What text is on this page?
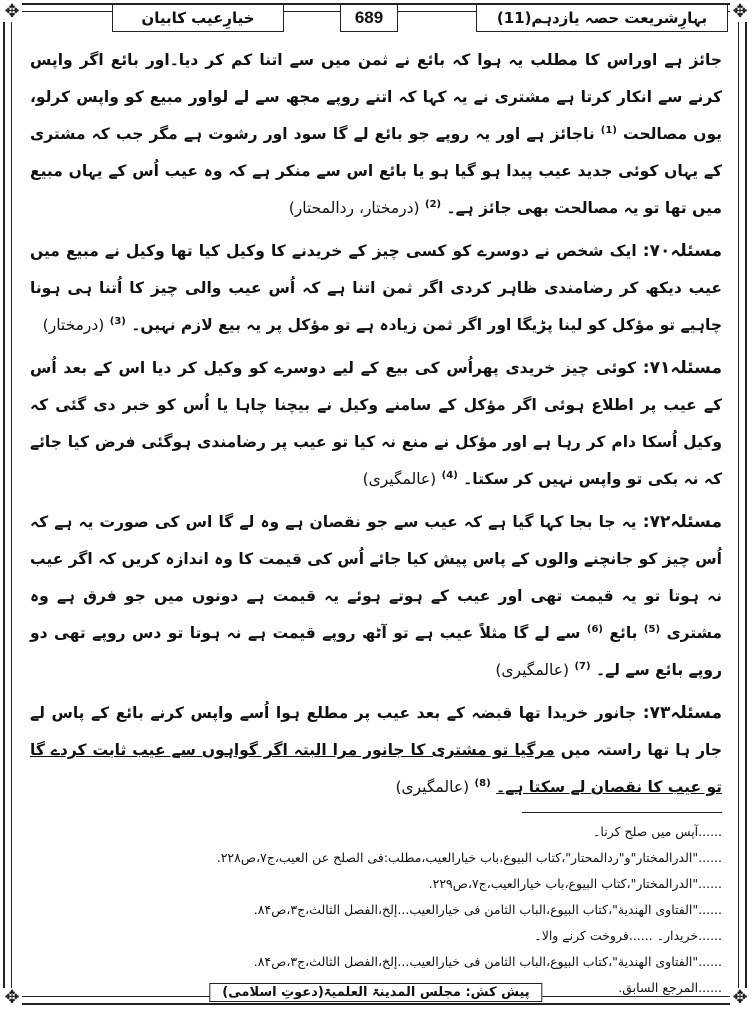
✥	✥
✥	✥
بہارِشریعت حصہ یازدہم(11)
689
خیارِعیب کابیان

جائز ہے اوراس کا مطلب یہ ہوا کہ بائع نے ثمن میں سے اتنا کم کر دیا۔اور بائع اگر واپس کرنے سے انکار کرتا ہے مشتری نے یہ کہا کہ اتنے روپے مجھ سے لے لواور مبیع کو واپس کرلو، یوں مصالحت $^{(1)}$ ناجائز ہے اور یہ روپے جو بائع لے گا سود اور رشوت ہے مگر جب کہ مشتری کے یہاں کوئی جدید عیب پیدا ہو گیا ہو یا بائع اس سے منکر ہے کہ وہ عیب اُس کے یہاں مبیع میں تھا تو یہ مصالحت بھی جائز ہے۔ $^{(2)}$ (درمختار، ردالمحتار)

مسئلہ۷۰: ایک شخص نے دوسرے کو کسی چیز کے خریدنے کا وکیل کیا تھا وکیل نے مبیع میں عیب دیکھ کر رضامندی ظاہر کردی اگر ثمن اتنا ہے کہ اُس عیب والی چیز کا اُتنا ہی ہونا چاہیے تو مؤکل کو لینا پڑیگا اور اگر ثمن زیادہ ہے تو مؤکل پر یہ بیع لازم نہیں۔ $^{(3)}$ (درمختار)

مسئلہ۷۱: کوئی چیز خریدی پھراُس کی بیع کے لیے دوسرے کو وکیل کر دیا اس کے بعد اُس کے عیب پر اطلاع ہوئی اگر مؤکل کے سامنے وکیل نے بیچنا چاہا یا اُس کو خبر دی گئی کہ وکیل اُسکا دام کر رہا ہے اور مؤکل نے منع نہ کیا تو عیب پر رضامندی ہوگئی فرض کیا جائے کہ نہ بکی تو واپس نہیں کر سکتا۔ $^{(4)}$ (عالمگیری)

مسئلہ۷۲: یہ جا بجا کہا گیا ہے کہ عیب سے جو نقصان ہے وہ لے گا اس کی صورت یہ ہے کہ اُس چیز کو جانچنے والوں کے پاس پیش کیا جائے اُس کی قیمت کا وہ اندازہ کریں کہ اگر عیب نہ ہوتا تو یہ قیمت تھی اور عیب کے ہوتے ہوئے یہ قیمت ہے دونوں میں جو فرق ہے وہ مشتری $^{(5)}$ بائع $^{(6)}$ سے لے گا مثلاً عیب ہے تو آٹھ روپے قیمت ہے نہ ہوتا تو دس روپے تھی دو روپے بائع سے لے۔ $^{(7)}$ (عالمگیری)

مسئلہ۷۳: جانور خریدا تھا قبضہ کے بعد عیب پر مطلع ہوا اُسے واپس کرنے بائع کے پاس لے جار ہا تھا راستہ میں مرگیا تو مشتری کا جانور مرا البتہ اگر گواہوں سے عیب ثابت کردے گا تو عیب کا نقصان لے سکتا ہے۔ $^{(8)}$ (عالمگیری)

......آپس میں صلح کرنا۔
......"الدرالمختار"و"ردالمحتار"،کتاب البیوع،باب خیارالعیب،مطلب:فی الصلح عن العیب،ج۷،ص۲۲۸.
......"الدرالمختار"،کتاب البیوع،باب خیارالعیب،ج۷،ص۲۲۹.
......"الفتاوی الهندیة"،کتاب البیوع،الباب الثامن فی خیارالعیب...إلخ،الفصل الثالث،ج۳،ص۸۴.
......خریدار۔ ......فروخت کرنے والا۔
......"الفتاوی الهندیة"،کتاب البیوع،الباب الثامن فی خیارالعیب...إلخ،الفصل الثالث،ج۳،ص۸۴.
......المرجع السابق.
پیش کش: مجلس المدینۃ العلمیۃ(دعوتِ اسلامی)
